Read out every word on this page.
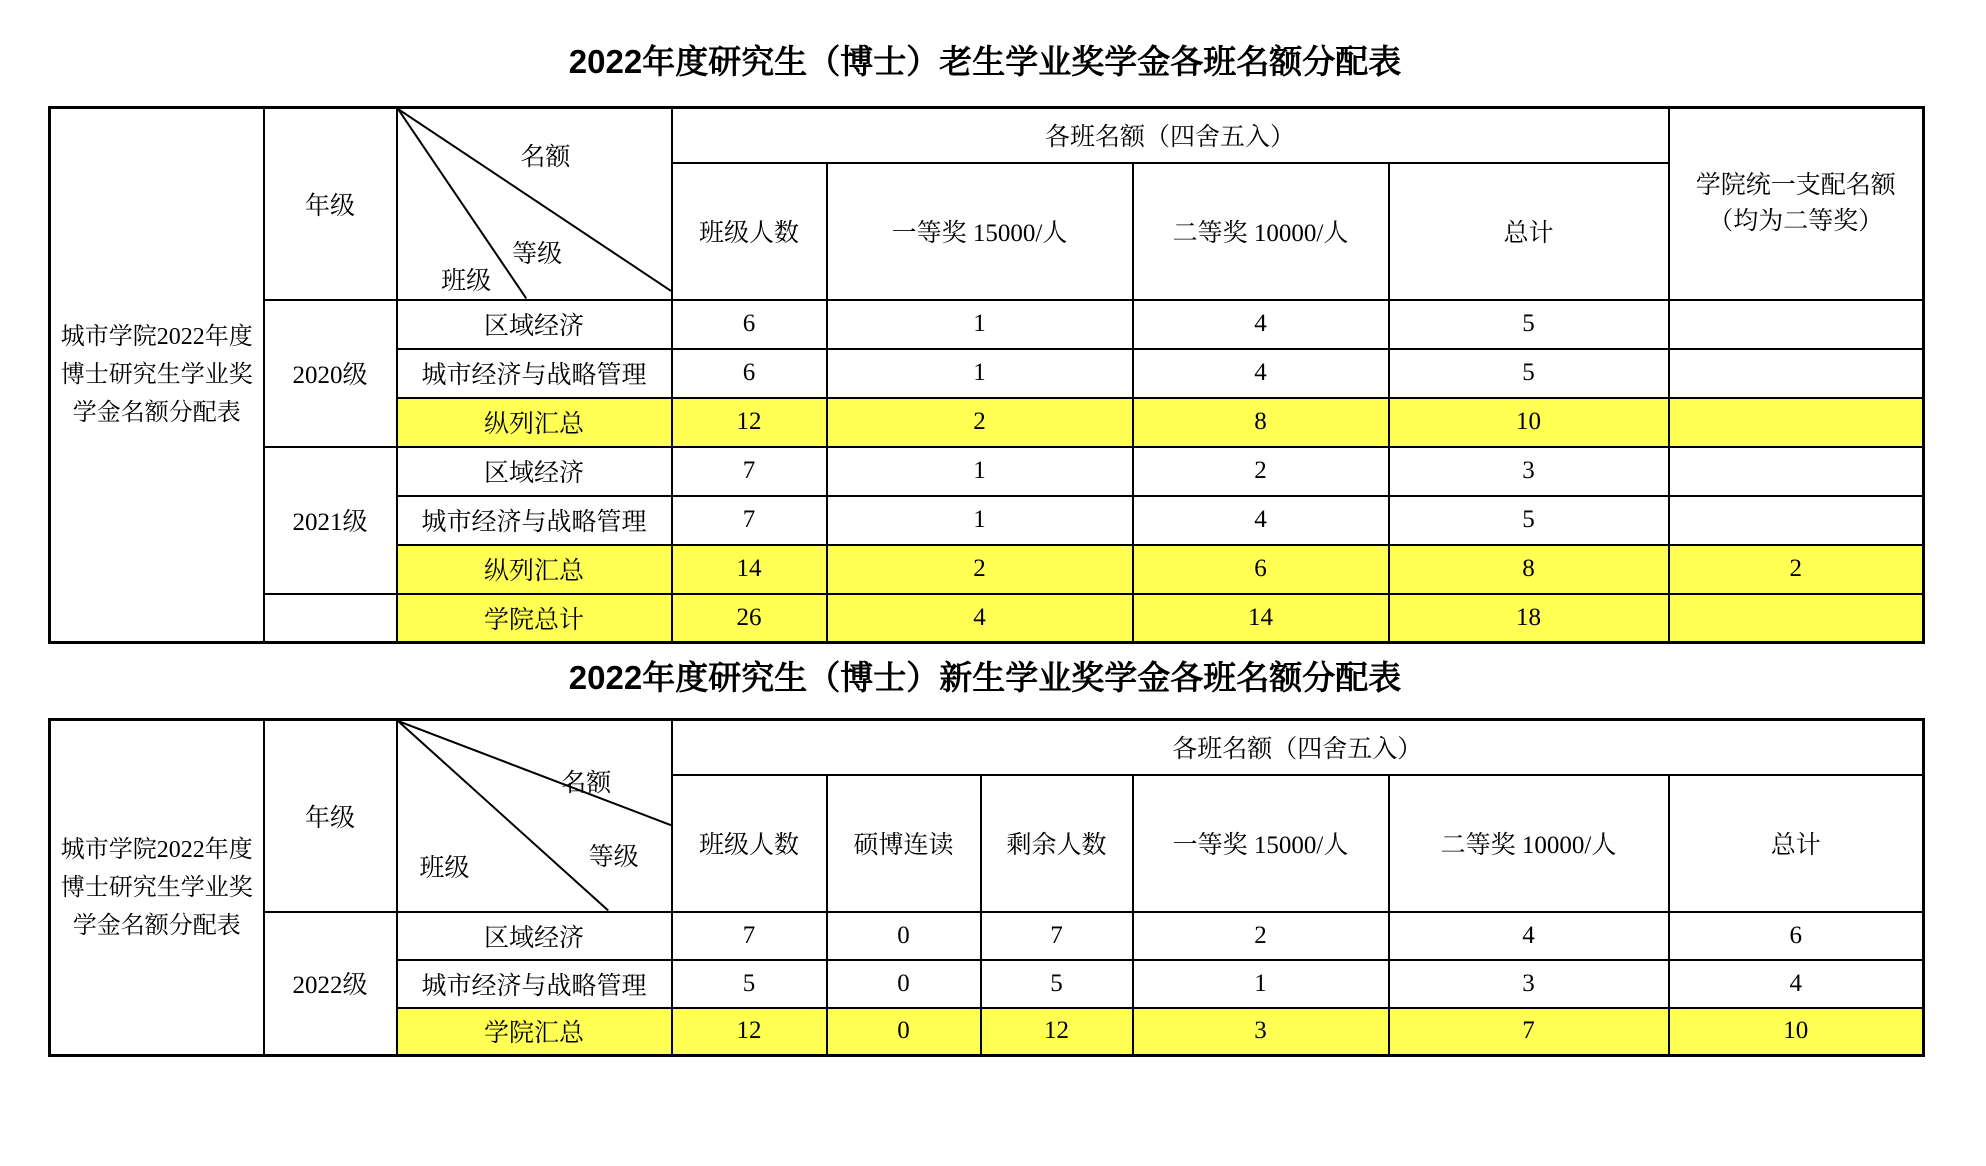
2022年度研究生（博士）老生学业奖学金各班名额分配表
城市学院2022年度博士研究生学业奖学金名额分配表
	年级	
名额
等级
班级
	各班名额（四舍五入）	
学院统一支配名额
（均为二等奖）

			班级人数	一等奖 15000/人	二等奖 10000/人	总计	
	2020级	区域经济	6	1	4	5	
		城市经济与战略管理	6	1	4	5	
		纵列汇总	12	2	8	10	
	2021级	区域经济	7	1	2	3	
		城市经济与战略管理	7	1	4	5	
		纵列汇总	14	2	6	8	2
		学院总计	26	4	14	18	
2022年度研究生（博士）新生学业奖学金各班名额分配表
城市学院2022年度博士研究生学业奖学金名额分配表	年级	名额
等级
班级	各班名额（四舍五入）					
			班级人数	硕博连读	剩余人数	一等奖 15000/人	二等奖 10000/人	总计
	2022级	区域经济	7	0	7	2	4	6
		城市经济与战略管理	5	0	5	1	3	4
		学院汇总	12	0	12	3	7	10
